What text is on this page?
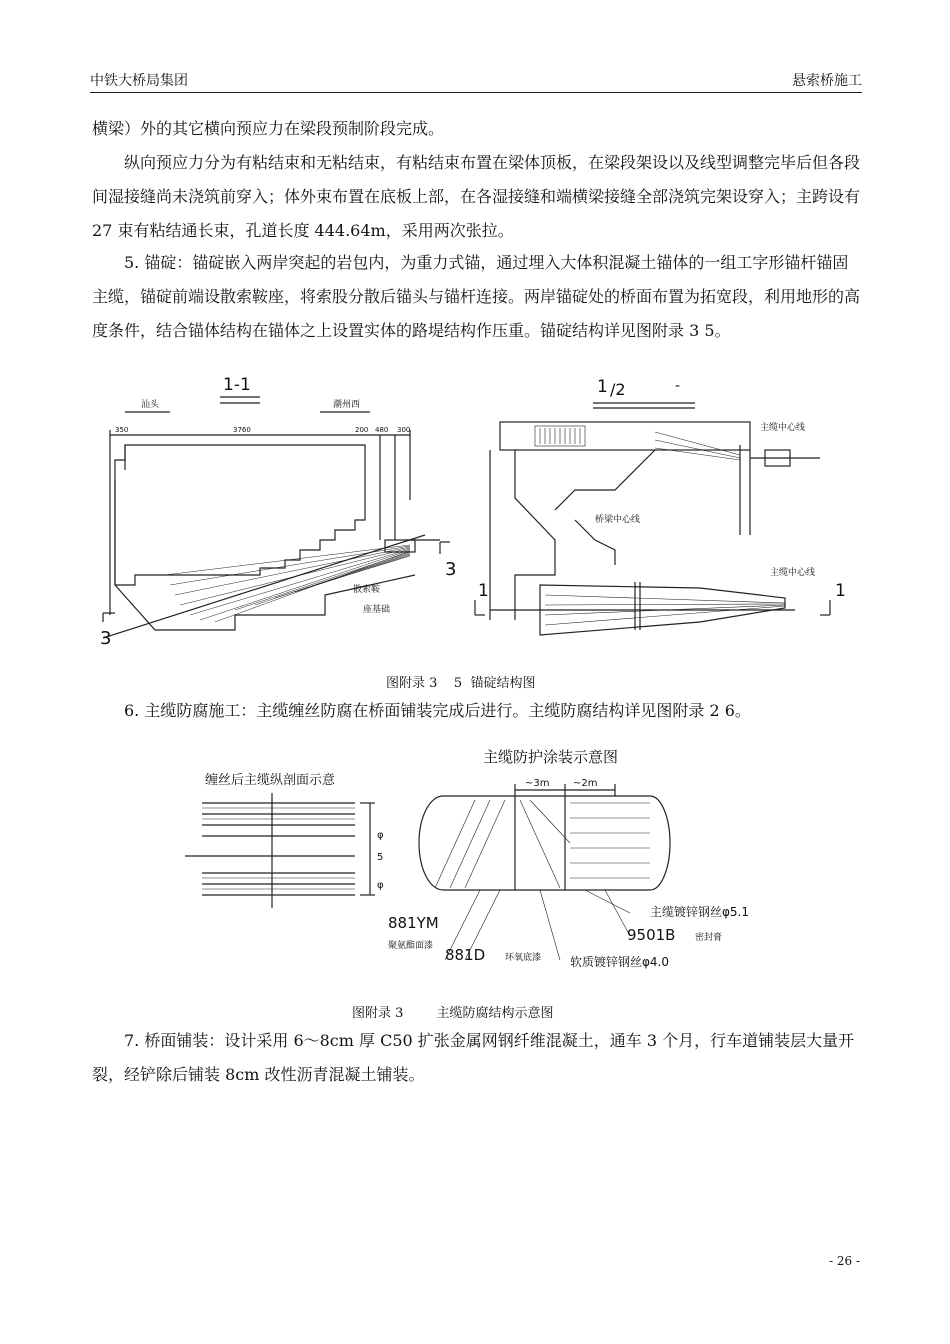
中铁大桥局集团	悬索桥施工
横梁）外的其它横向预应力在梁段预制阶段完成。
纵向预应力分为有粘结束和无粘结束，有粘结束布置在梁体顶板，在梁段架设以及线型调整完毕后但各段间湿接缝尚未浇筑前穿入；体外束布置在底板上部，在各湿接缝和端横梁接缝全部浇筑完架设穿入；主跨设有 27 束有粘结通长束，孔道长度 444.64m，采用两次张拉。
5. 锚碇：锚碇嵌入两岸突起的岩包内，为重力式锚，通过埋入大体积混凝土锚体的一组工字形锚杆锚固主缆，锚碇前端设散索鞍座，将索股分散后锚头与锚杆连接。两岸锚碇处的桥面布置为拓宽段，利用地形的高度条件，结合锚体结构在锚体之上设置实体的路堤结构作压重。锚碇结构详见图附录 3 5。
1-1
汕头	潮州西
350	3760	200 480 300
3
3
散索鞍
座基础
1 /2	-
主缆中心线
桥梁中心线
主缆中心线
1	1
图附录 3    5  锚碇结构图
6. 主缆防腐施工：主缆缠丝防腐在桥面铺装完成后进行。主缆防腐结构详见图附录 2 6。
缠丝后主缆纵剖面示意
φ
5
φ
主缆防护涂装示意图
~3m ~2m
881YM
聚氨酯面漆 881D 环氧底漆
主缆镀锌钢丝φ5.1
9501B 密封膏
软质镀锌钢丝φ4.0
图附录 3        主缆防腐结构示意图
7. 桥面铺装：设计采用 6～8cm 厚 C50 扩张金属网钢纤维混凝土，通车 3 个月，行车道铺装层大量开裂，经铲除后铺装 8cm 改性沥青混凝土铺装。
- 26 -
